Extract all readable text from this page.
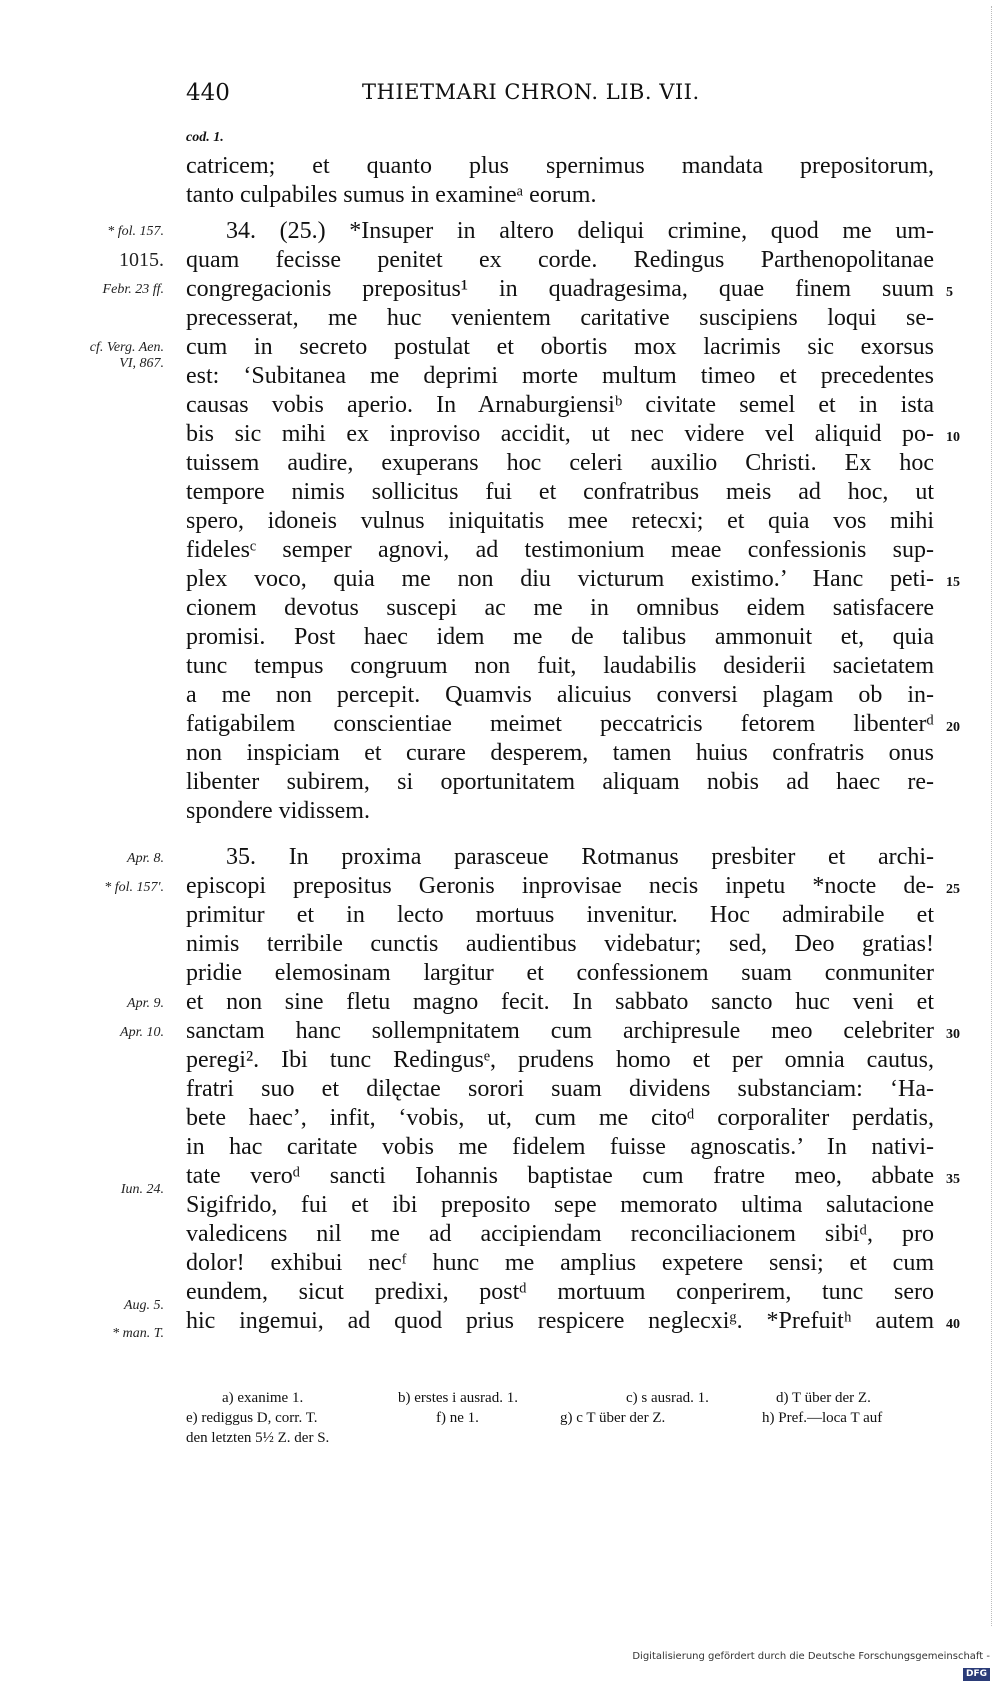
440	THIETMARI CHRON. LIB. VII.
cod. 1.
* fol. 157.
1015.
Febr. 23 ff.
cf. Verg. Aen.
VI, 867.
Apr. 8.
* fol. 157'.
Apr. 9.
Apr. 10.
Iun. 24.
Aug. 5.
* man. T.
catricem; et quanto plus spernimus mandata prepositorum,
tanto culpabiles sumus in examineᵃ eorum.
34. (25.) *Insuper in altero deliqui crimine, quod me um-
quam fecisse penitet ex corde. Redingus Parthenopolitanae
congregacionis prepositus¹ in quadragesima, quae finem suum
precesserat, me huc venientem caritative suscipiens loqui se-
cum in secreto postulat et obortis mox lacrimis sic exorsus
est: ‘Subitanea me deprimi morte multum timeo et precedentes
causas vobis aperio. In Arnaburgiensiᵇ civitate semel et in ista
bis sic mihi ex inproviso accidit, ut nec videre vel aliquid po-
tuissem audire, exuperans hoc celeri auxilio Christi. Ex hoc
tempore nimis sollicitus fui et confratribus meis ad hoc, ut
spero, idoneis vulnus iniquitatis mee retecxi; et quia vos mihi
fidelesᶜ semper agnovi, ad testimonium meae confessionis sup-
plex voco, quia me non diu victurum existimo.’ Hanc peti-
cionem devotus suscepi ac me in omnibus eidem satisfacere
promisi. Post haec idem me de talibus ammonuit et, quia
tunc tempus congruum non fuit, laudabilis desiderii sacietatem
a me non percepit. Quamvis alicuius conversi plagam ob in-
fatigabilem conscientiae meimet peccatricis fetorem libenterᵈ
non inspiciam et curare desperem, tamen huius confratris onus
libenter subirem, si oportunitatem aliquam nobis ad haec re-
spondere vidissem.
35. In proxima parasceue Rotmanus presbiter et archi-
episcopi prepositus Geronis inprovisae necis inpetu *nocte de-
primitur et in lecto mortuus invenitur. Hoc admirabile et
nimis terribile cunctis audientibus videbatur; sed, Deo gratias!
pridie elemosinam largitur et confessionem suam conmuniter
et non sine fletu magno fecit. In sabbato sancto huc veni et
sanctam hanc sollempnitatem cum archipresule meo celebriter
peregi². Ibi tunc Redingusᵉ, prudens homo et per omnia cautus,
fratri suo et dilęctae sorori suam dividens substanciam: ‘Ha-
bete haec’, infit, ‘vobis, ut, cum me citoᵈ corporaliter perdatis,
in hac caritate vobis me fidelem fuisse agnoscatis.’ In nativi-
tate veroᵈ sancti Iohannis baptistae cum fratre meo, abbate
Sigifrido, fui et ibi preposito sepe memorato ultima salutacione
valedicens nil me ad accipiendam reconciliacionem sibiᵈ, pro
dolor! exhibui necᶠ hunc me amplius expetere sensi; et cum
eundem, sicut predixi, postᵈ mortuum conperirem, tunc sero
hic ingemui, ad quod prius respicere neglecxiᵍ. *Prefuitʰ autem
5
10
15
20
25
30
35
40
a) exanime 1.	b) erstes i ausrad. 1.	c) s ausrad. 1.	d) T über der Z.
e) rediggus D, corr. T.	f) ne 1.	g) c T über der Z.	h) Pref.—loca T auf
den letzten 5½ Z. der S.
Digitalisierung gefördert durch die Deutsche Forschungsgemeinschaft - DFG
